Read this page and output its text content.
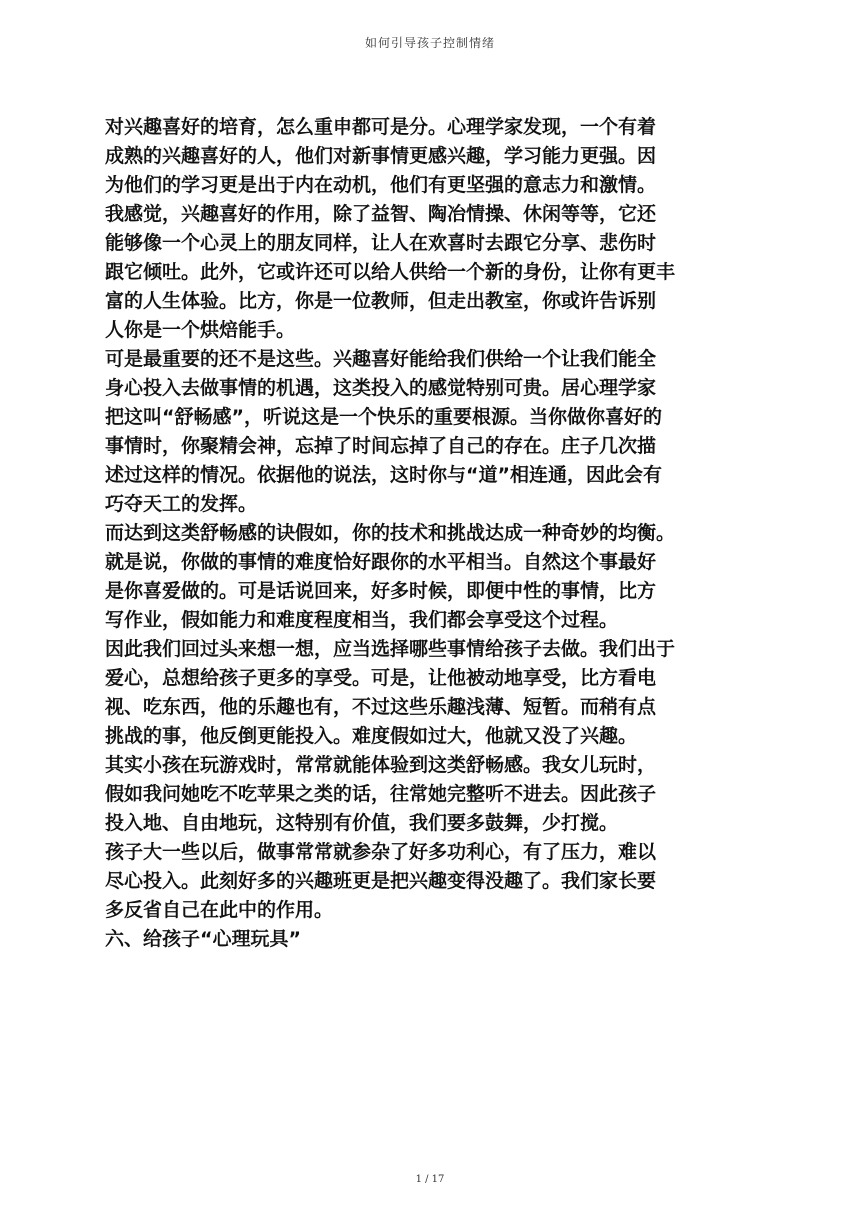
如何引导孩子控制情绪
对兴趣喜好的培育，怎么重申都可是分。心理学家发现，一个有着
成熟的兴趣喜好的人，他们对新事情更感兴趣，学习能力更强。因
为他们的学习更是出于内在动机，他们有更坚强的意志力和激情。
我感觉，兴趣喜好的作用，除了益智、陶冶情操、休闲等等，它还
能够像一个心灵上的朋友同样，让人在欢喜时去跟它分享、悲伤时
跟它倾吐。此外，它或许还可以给人供给一个新的身份，让你有更丰
富的人生体验。比方，你是一位教师，但走出教室，你或许告诉别
人你是一个烘焙能手。
可是最重要的还不是这些。兴趣喜好能给我们供给一个让我们能全
身心投入去做事情的机遇，这类投入的感觉特别可贵。居心理学家
把这叫“舒畅感”，听说这是一个快乐的重要根源。当你做你喜好的
事情时，你聚精会神，忘掉了时间忘掉了自己的存在。庄子几次描
述过这样的情况。依据他的说法，这时你与“道”相连通，因此会有
巧夺天工的发挥。
而达到这类舒畅感的诀假如，你的技术和挑战达成一种奇妙的均衡。
就是说，你做的事情的难度恰好跟你的水平相当。自然这个事最好
是你喜爱做的。可是话说回来，好多时候，即便中性的事情，比方
写作业，假如能力和难度程度相当，我们都会享受这个过程。
因此我们回过头来想一想，应当选择哪些事情给孩子去做。我们出于
爱心，总想给孩子更多的享受。可是，让他被动地享受，比方看电
视、吃东西，他的乐趣也有，不过这些乐趣浅薄、短暂。而稍有点
挑战的事，他反倒更能投入。难度假如过大，他就又没了兴趣。
其实小孩在玩游戏时，常常就能体验到这类舒畅感。我女儿玩时，
假如我问她吃不吃苹果之类的话，往常她完整听不进去。因此孩子
投入地、自由地玩，这特别有价值，我们要多鼓舞，少打搅。
孩子大一些以后，做事常常就参杂了好多功利心，有了压力，难以
尽心投入。此刻好多的兴趣班更是把兴趣变得没趣了。我们家长要
多反省自己在此中的作用。
六、给孩子“心理玩具”
1 / 17
